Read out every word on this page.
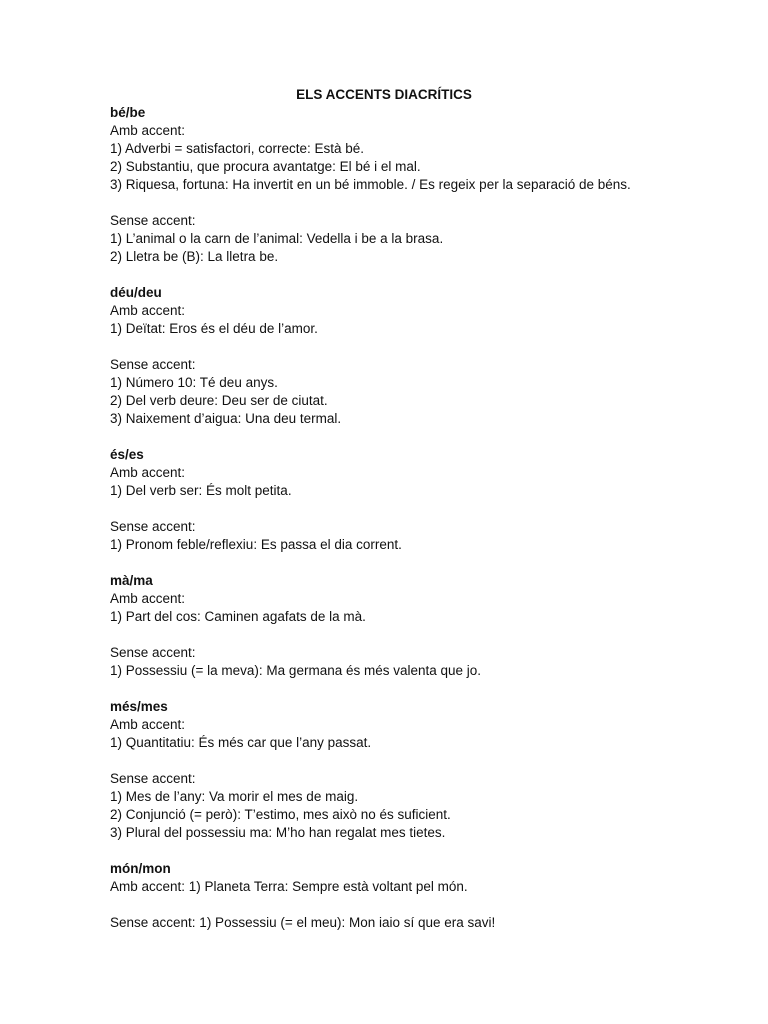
ELS ACCENTS DIACRÍTICS
bé/be
Amb accent:
1) Adverbi = satisfactori, correcte: Està bé.
2) Substantiu, que procura avantatge: El bé i el mal.
3) Riquesa, fortuna: Ha invertit en un bé immoble. / Es regeix per la separació de béns.
Sense accent:
1) L’animal o la carn de l’animal: Vedella i be a la brasa.
2) Lletra be (B): La lletra be.
déu/deu
Amb accent:
1) Deïtat: Eros és el déu de l’amor.
Sense accent:
1) Número 10: Té deu anys.
2) Del verb deure: Deu ser de ciutat.
3) Naixement d’aigua: Una deu termal.
és/es
Amb accent:
1) Del verb ser: És molt petita.
Sense accent:
1) Pronom feble/reflexiu: Es passa el dia corrent.
mà/ma
Amb accent:
1) Part del cos: Caminen agafats de la mà.
Sense accent:
1) Possessiu (= la meva): Ma germana és més valenta que jo.
més/mes
Amb accent:
1) Quantitatiu: És més car que l’any passat.
Sense accent:
1) Mes de l’any: Va morir el mes de maig.
2) Conjunció (= però): T’estimo, mes això no és suficient.
3) Plural del possessiu ma: M’ho han regalat mes tietes.
món/mon
Amb accent: 1) Planeta Terra: Sempre està voltant pel món.
Sense accent: 1) Possessiu (= el meu): Mon iaio sí que era savi!
